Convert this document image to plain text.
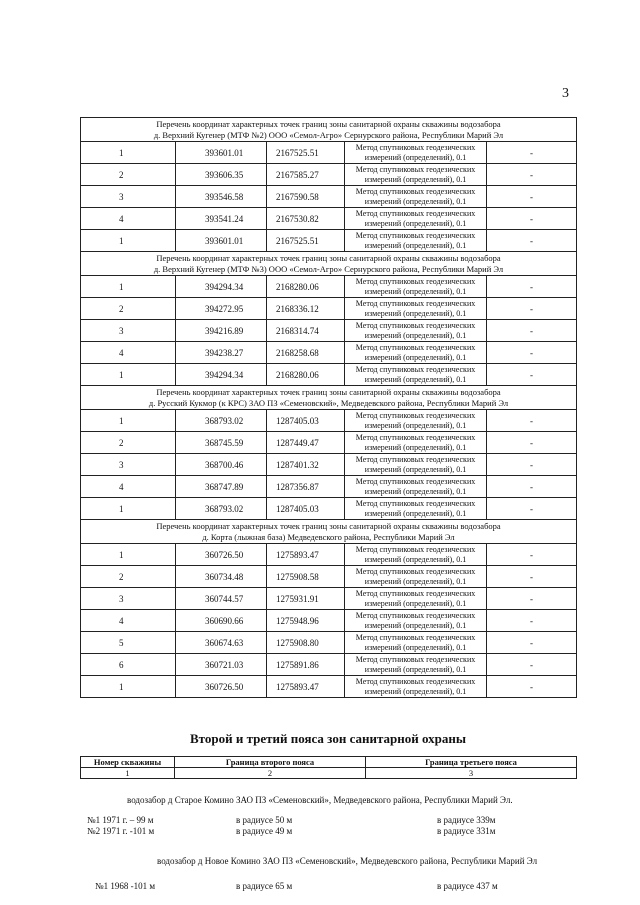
3
Перечень координат характерных точек границ зоны санитарной охраны скважины водозабора
д. Верхний Кугенер (МТФ №2) ООО «Семол-Агро» Сернурского района, Республики Марий Эл				

1	393601.01	2167525.51	Метод спутниковых геодезических
измерений (определений), 0.1	-
2	393606.35	2167585.27	Метод спутниковых геодезических
измерений (определений), 0.1	-
3	393546.58	2167590.58	Метод спутниковых геодезических
измерений (определений), 0.1	-
4	393541.24	2167530.82	Метод спутниковых геодезических
измерений (определений), 0.1	-
1	393601.01	2167525.51	Метод спутниковых геодезических
измерений (определений), 0.1	-

Перечень координат характерных точек границ зоны санитарной охраны скважины водозабора
д. Верхний Кугенер (МТФ №3) ООО «Семол-Агро» Сернурского района, Республики Марий Эл				

1	394294.34	2168280.06	Метод спутниковых геодезических
измерений (определений), 0.1	-
2	394272.95	2168336.12	Метод спутниковых геодезических
измерений (определений), 0.1	-
3	394216.89	2168314.74	Метод спутниковых геодезических
измерений (определений), 0.1	-
4	394238.27	2168258.68	Метод спутниковых геодезических
измерений (определений), 0.1	-
1	394294.34	2168280.06	Метод спутниковых геодезических
измерений (определений), 0.1	-

Перечень координат характерных точек границ зоны санитарной охраны скважины водозабора
д. Русский Кукмор (к КРС) ЗАО ПЗ «Семеновский», Медведевского района, Республики Марий Эл				

1	368793.02	1287405.03	Метод спутниковых геодезических
измерений (определений), 0.1	-
2	368745.59	1287449.47	Метод спутниковых геодезических
измерений (определений), 0.1	-
3	368700.46	1287401.32	Метод спутниковых геодезических
измерений (определений), 0.1	-
4	368747.89	1287356.87	Метод спутниковых геодезических
измерений (определений), 0.1	-
1	368793.02	1287405.03	Метод спутниковых геодезических
измерений (определений), 0.1	-

Перечень координат характерных точек границ зоны санитарной охраны скважины водозабора
д. Корта (лыжная база) Медведевского района, Республики Марий Эл				

1	360726.50	1275893.47	Метод спутниковых геодезических
измерений (определений), 0.1	-
2	360734.48	1275908.58	Метод спутниковых геодезических
измерений (определений), 0.1	-
3	360744.57	1275931.91	Метод спутниковых геодезических
измерений (определений), 0.1	-
4	360690.66	1275948.96	Метод спутниковых геодезических
измерений (определений), 0.1	-
5	360674.63	1275908.80	Метод спутниковых геодезических
измерений (определений), 0.1	-
6	360721.03	1275891.86	Метод спутниковых геодезических
измерений (определений), 0.1	-
1	360726.50	1275893.47	Метод спутниковых геодезических
измерений (определений), 0.1	-
Второй и третий пояса зон санитарной охраны
Номер скважины	Граница второго пояса	Граница третьего пояса
1	2	3
водозабор д Старое Комино ЗАО ПЗ «Семеновский», Медведевского района, Республики Марий Эл.
№1 1971 г. – 99 м	в радиусе 50 м	в радиусе 339м
№2 1971 г. -101 м	в радиусе 49 м	в радиусе 331м
водозабор д Новое Комино ЗАО ПЗ «Семеновский», Медведевского района, Республики Марий Эл
№1 1968 -101 м	в радиусе 65 м	в радиусе 437 м
